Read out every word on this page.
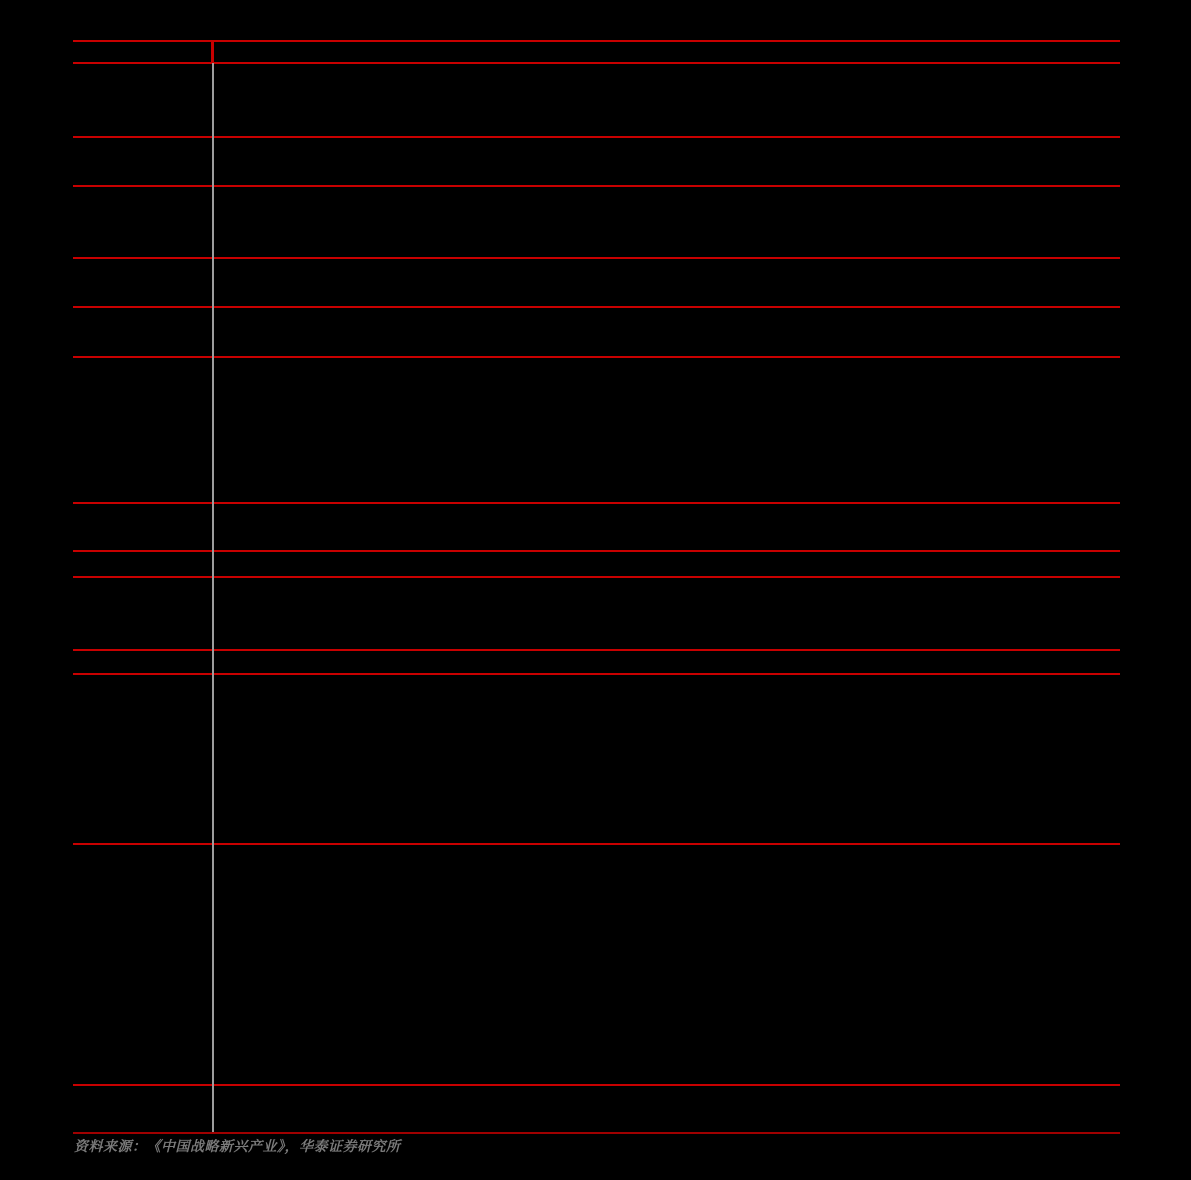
资料来源：《中国战略新兴产业》，华泰证券研究所
